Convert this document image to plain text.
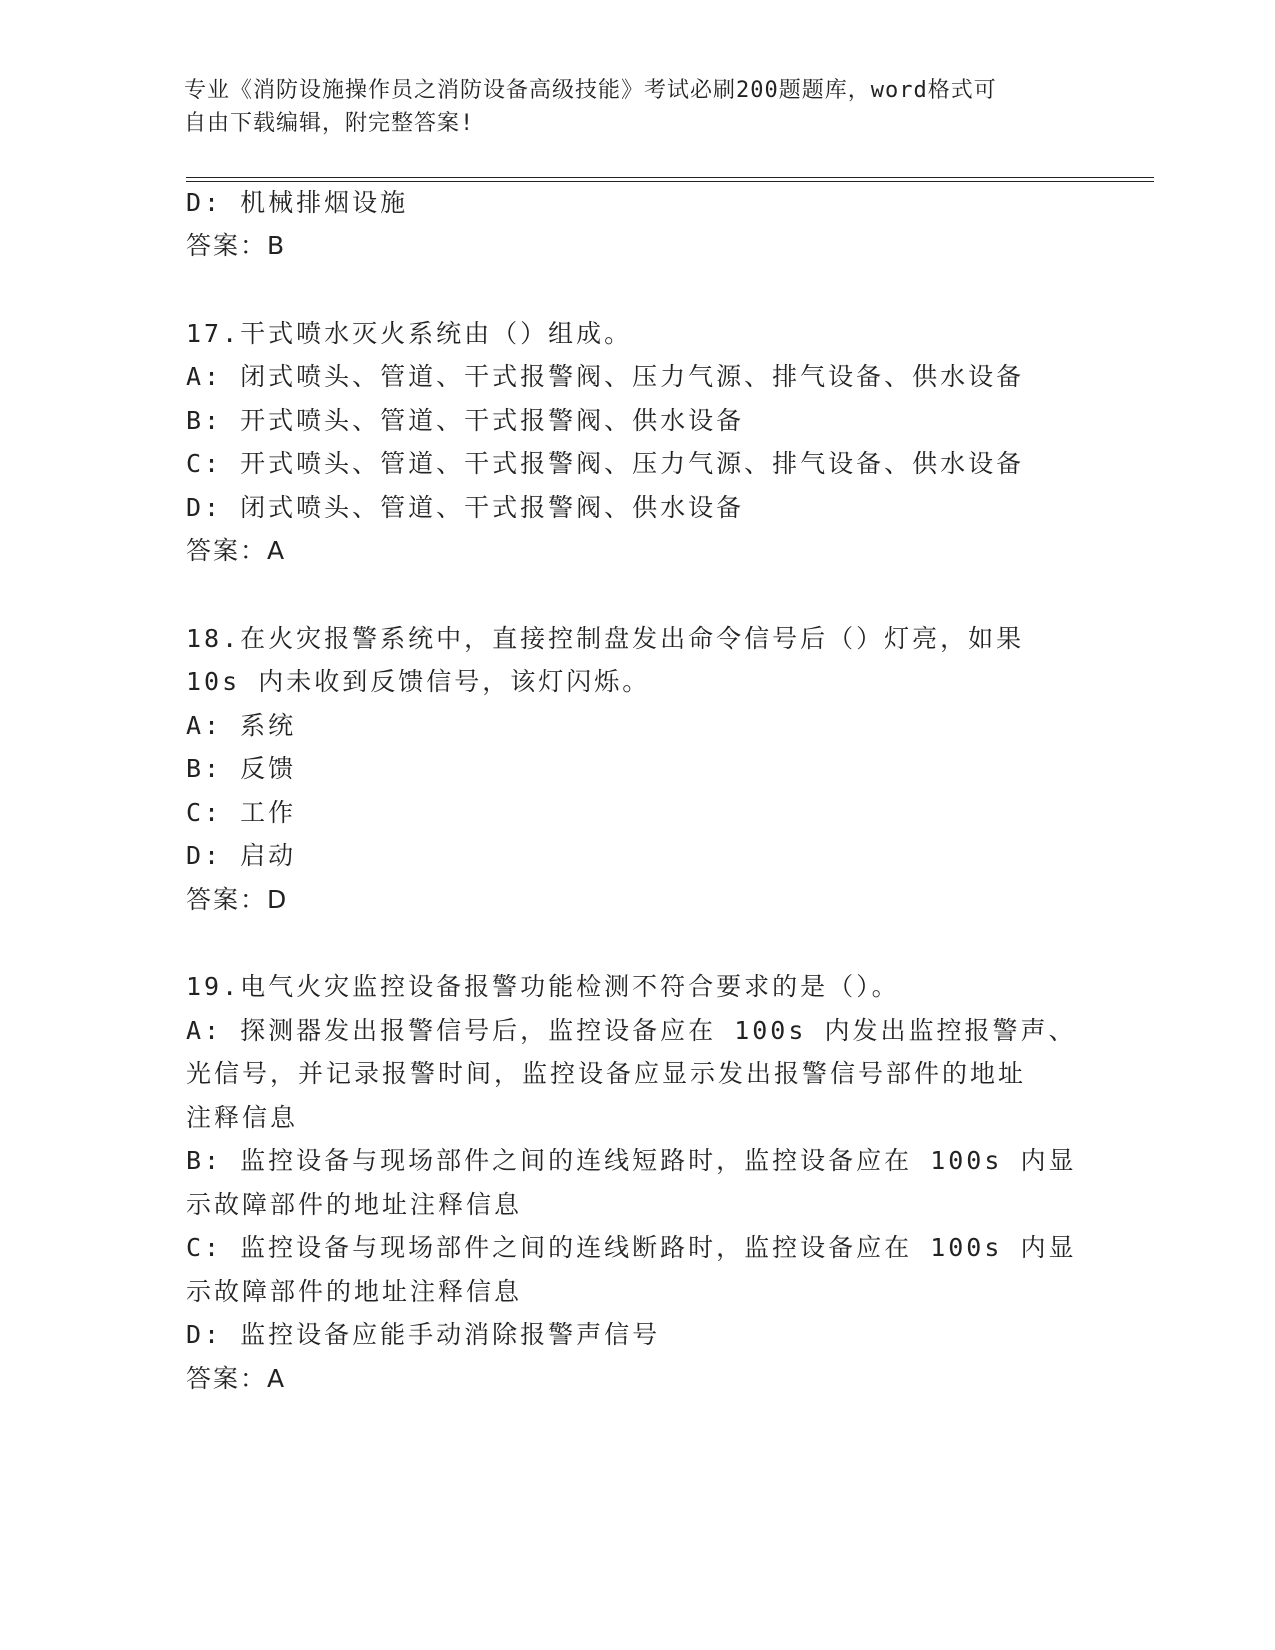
专业《消防设施操作员之消防设备高级技能》考试必刷200题题库，word格式可
自由下载编辑，附完整答案!
D: 机械排烟设施
答案：B
17.干式喷水灭火系统由（）组成。
A: 闭式喷头、管道、干式报警阀、压力气源、排气设备、供水设备
B: 开式喷头、管道、干式报警阀、供水设备
C: 开式喷头、管道、干式报警阀、压力气源、排气设备、供水设备
D: 闭式喷头、管道、干式报警阀、供水设备
答案：A
18.在火灾报警系统中，直接控制盘发出命令信号后（）灯亮，如果
10s 内未收到反馈信号，该灯闪烁。
A: 系统
B: 反馈
C: 工作
D: 启动
答案：D
19.电气火灾监控设备报警功能检测不符合要求的是（）。
A: 探测器发出报警信号后，监控设备应在 100s 内发出监控报警声、
光信号，并记录报警时间，监控设备应显示发出报警信号部件的地址
注释信息
B: 监控设备与现场部件之间的连线短路时，监控设备应在 100s 内显
示故障部件的地址注释信息
C: 监控设备与现场部件之间的连线断路时，监控设备应在 100s 内显
示故障部件的地址注释信息
D: 监控设备应能手动消除报警声信号
答案：A
